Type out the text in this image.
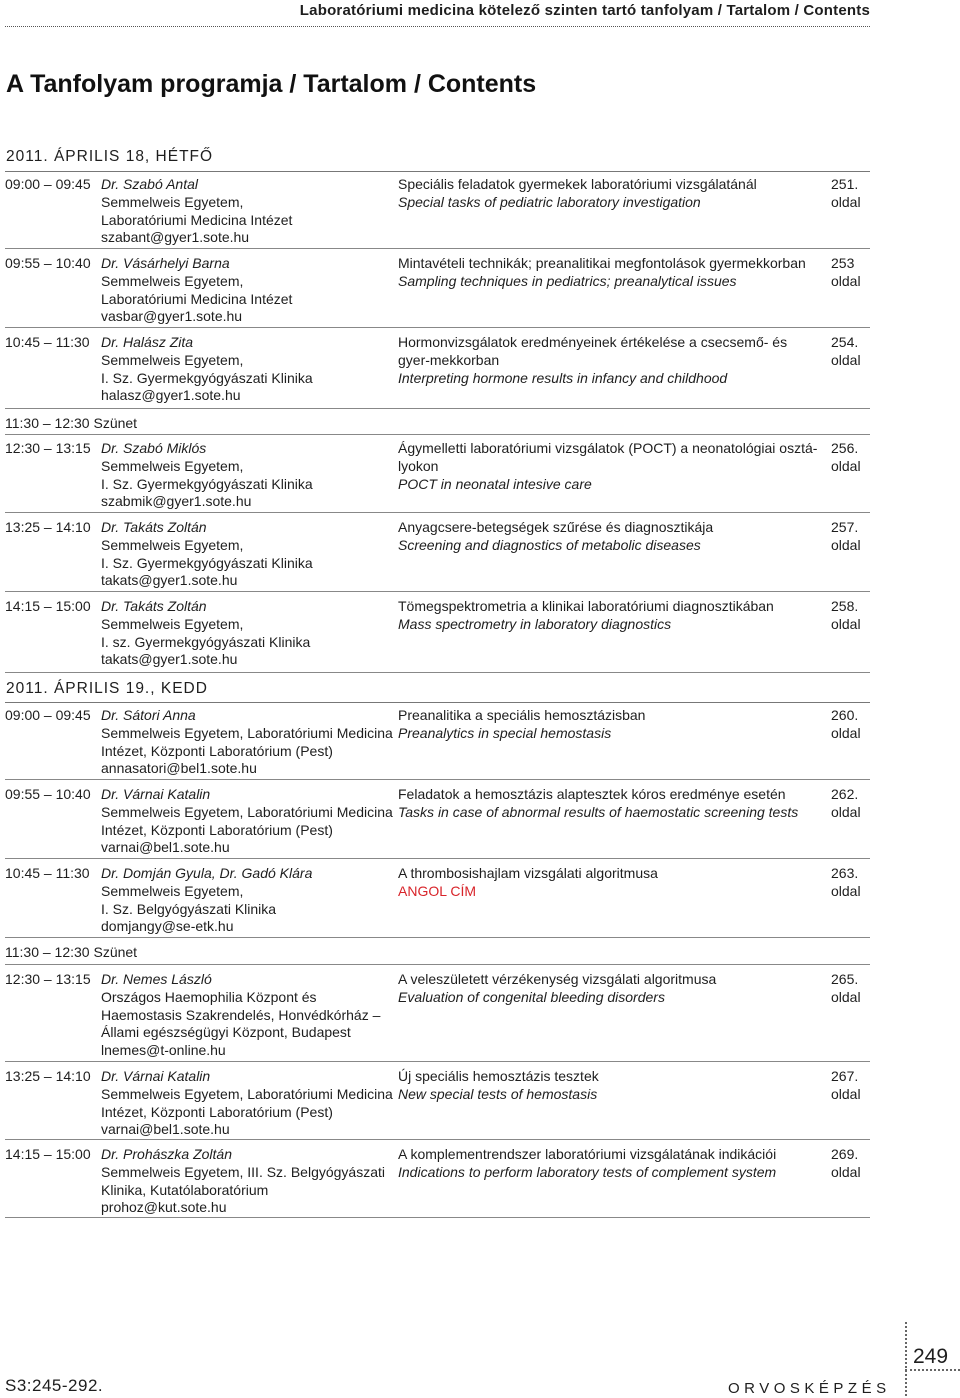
Laboratóriumi medicina kötelező szinten tartó tanfolyam / Tartalom / Contents
A Tanfolyam programja / Tartalom / Contents
2011. ÁPRILIS 18, HÉTFŐ
09:00 – 09:45 Dr. Szabó Antal
Semmelweis Egyetem,
Laboratóriumi Medicina Intézet
szabant@gyer1.sote.hu
Speciális feladatok gyermekek laboratóriumi vizsgálatánál
Special tasks of pediatric laboratory investigation
251.
oldal
09:55 – 10:40 Dr. Vásárhelyi Barna
Semmelweis Egyetem,
Laboratóriumi Medicina Intézet
vasbar@gyer1.sote.hu
Mintavételi technikák; preanalitikai megfontolások gyermekkorban
Sampling techniques in pediatrics; preanalytical issues
253
oldal
10:45 – 11:30 Dr. Halász Zita
Semmelweis Egyetem,
I. Sz. Gyermekgyógyászati Klinika
halasz@gyer1.sote.hu
Hormonvizsgálatok eredményeinek értékelése a csecsemő- és gyer-mekkorban
Interpreting hormone results in infancy and childhood
254.
oldal
11:30 – 12:30 Szünet
12:30 – 13:15 Dr. Szabó Miklós
Semmelweis Egyetem,
I. Sz. Gyermekgyógyászati Klinika
szabmik@gyer1.sote.hu
Ágymelletti laboratóriumi vizsgálatok (POCT) a neonatológiai osztá-lyokon
POCT in neonatal intesive care
256.
oldal
13:25 – 14:10 Dr. Takáts Zoltán
Semmelweis Egyetem,
I. Sz. Gyermekgyógyászati Klinika
takats@gyer1.sote.hu
Anyagcsere-betegségek szűrése és diagnosztikája
Screening and diagnostics of metabolic diseases
257.
oldal
14:15 – 15:00 Dr. Takáts Zoltán
Semmelweis Egyetem,
I. sz. Gyermekgyógyászati Klinika
takats@gyer1.sote.hu
Tömegspektrometria a klinikai laboratóriumi diagnosztikában
Mass spectrometry in laboratory diagnostics
258.
oldal
2011. ÁPRILIS 19., KEDD
09:00 – 09:45 Dr. Sátori Anna
Semmelweis Egyetem, Laboratóriumi Medicina
Intézet, Központi Laboratórium (Pest)
annasatori@bel1.sote.hu
Preanalitika a speciális hemosztázisban
Preanalytics in special hemostasis
260.
oldal
09:55 – 10:40 Dr. Várnai Katalin
Semmelweis Egyetem, Laboratóriumi Medicina
Intézet, Központi Laboratórium (Pest)
varnai@bel1.sote.hu
Feladatok a hemosztázis alaptesztek kóros eredménye esetén
Tasks in case of abnormal results of haemostatic screening tests
262.
oldal
10:45 – 11:30 Dr. Domján Gyula, Dr. Gadó Klára
Semmelweis Egyetem,
I. Sz. Belgyógyászati Klinika
domjangy@se-etk.hu
A thrombosishajlam vizsgálati algoritmusa
ANGOL CÍM
263.
oldal
11:30 – 12:30 Szünet
12:30 – 13:15 Dr. Nemes László
Országos Haemophilia Központ és
Haemostasis Szakrendelés, Honvédkórház –
Állami egészségügyi Központ, Budapest
lnemes@t-online.hu
A veleszületett vérzékenység vizsgálati algoritmusa
Evaluation of congenital bleeding disorders
265.
oldal
13:25 – 14:10 Dr. Várnai Katalin
Semmelweis Egyetem, Laboratóriumi Medicina
Intézet, Központi Laboratórium (Pest)
varnai@bel1.sote.hu
Új speciális hemosztázis tesztek
New special tests of hemostasis
267.
oldal
14:15 – 15:00 Dr. Prohászka Zoltán
Semmelweis Egyetem, III. Sz. Belgyógyászati
Klinika, Kutatólaboratórium
prohoz@kut.sote.hu
A komplementrendszer laboratóriumi vizsgálatának indikációi
Indications to perform laboratory tests of complement system
269.
oldal
249
S3:245-292.	ORVOSKÉPZÉS
